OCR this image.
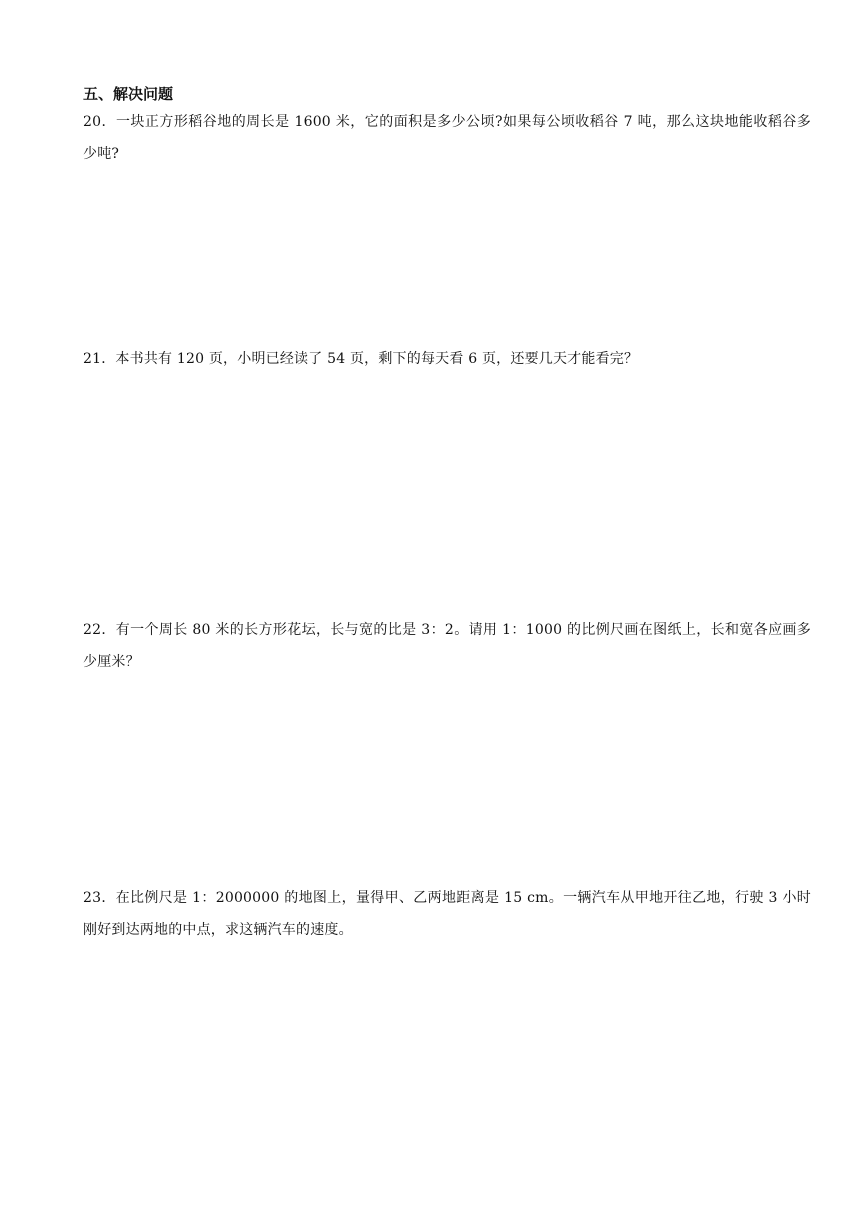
五、解决问题
20．一块正方形稻谷地的周长是 1600 米，它的面积是多少公顷?如果每公顷收稻谷 7 吨，那么这块地能收稻谷多少吨?
21．本书共有 120 页，小明已经读了 54 页，剩下的每天看 6 页，还要几天才能看完？
22．有一个周长 80 米的长方形花坛，长与宽的比是 3：2。请用 1：1000 的比例尺画在图纸上，长和宽各应画多少厘米？
23．在比例尺是 1：2000000 的地图上，量得甲、乙两地距离是 15 cm。一辆汽车从甲地开往乙地，行驶 3 小时刚好到达两地的中点，求这辆汽车的速度。
